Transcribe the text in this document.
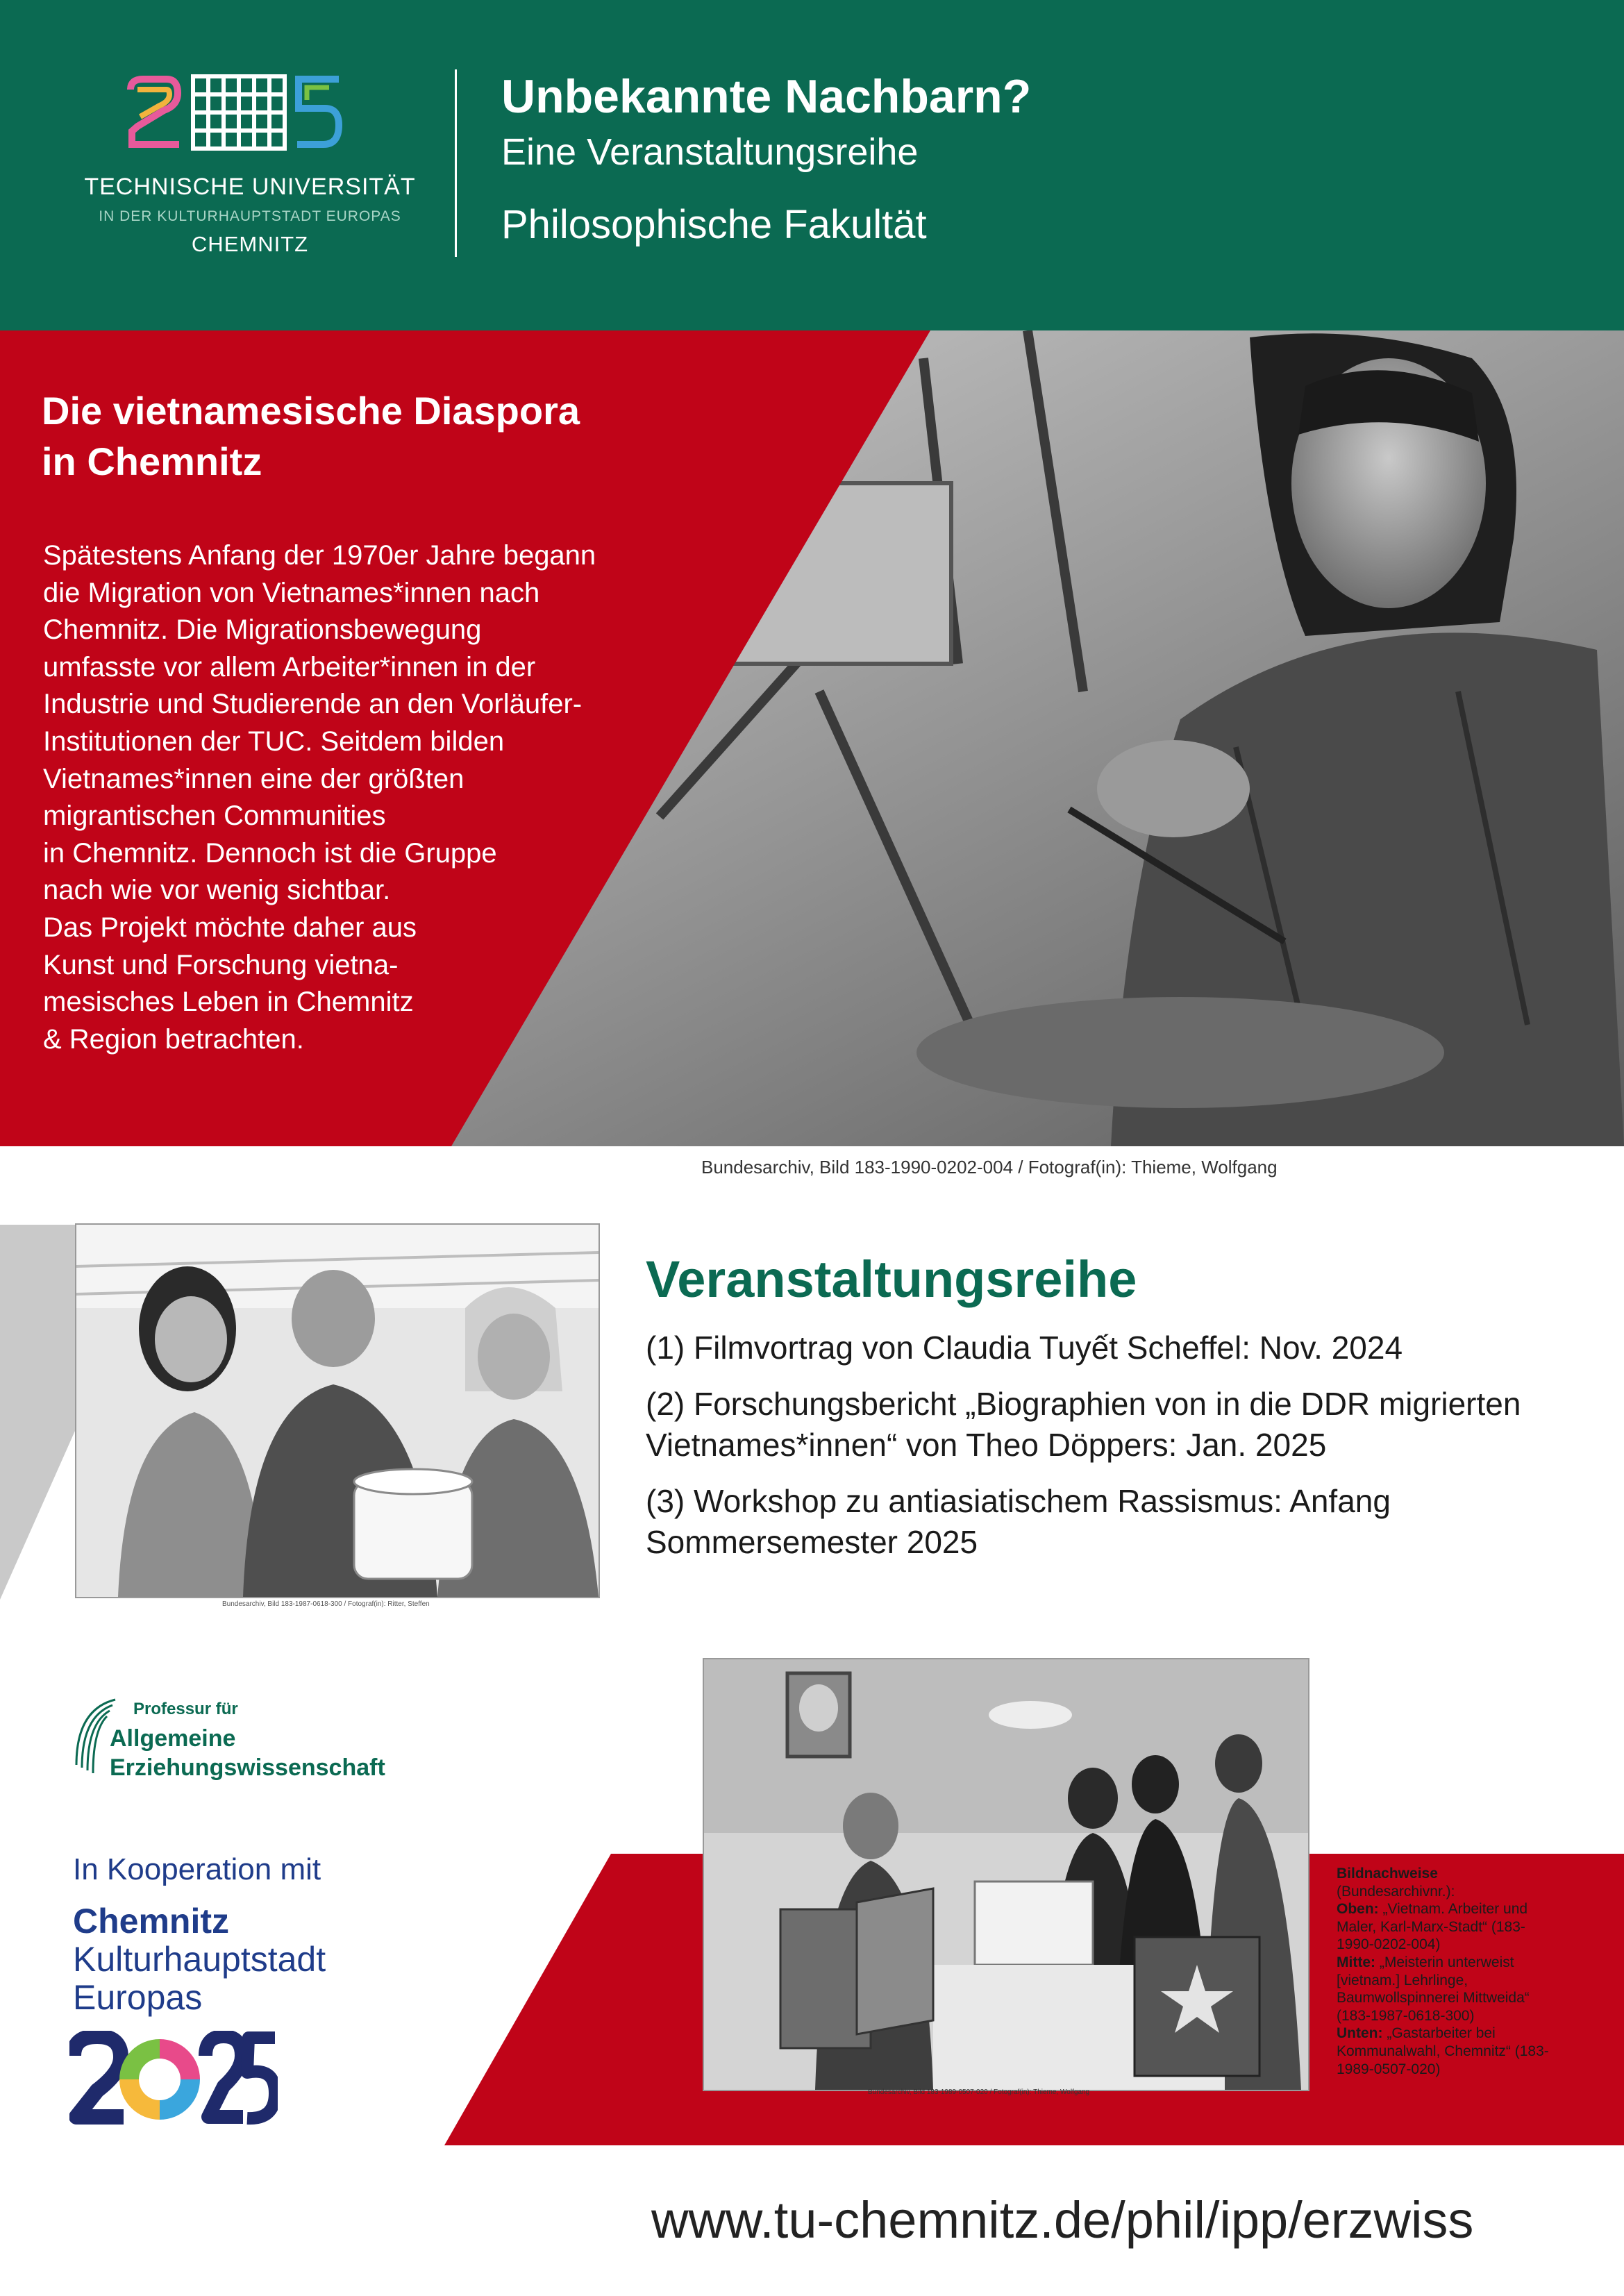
2025
TECHNISCHE UNIVERSITÄT
IN DER KULTURHAUPTSTADT EUROPAS
CHEMNITZ
Unbekannte Nachbarn?
Eine Veranstaltungsreihe
Philosophische Fakultät
Die vietnamesische Diaspora
in Chemnitz
Spätestens Anfang der 1970er Jahre begann
die Migration von Vietnames*innen nach
Chemnitz. Die Migrationsbewegung
umfasste vor allem Arbeiter*innen in der
Industrie und Studierende an den Vorläufer-
Institutionen der TUC. Seitdem bilden
Vietnames*innen eine der größten
migrantischen Communities
in Chemnitz. Dennoch ist die Gruppe
nach wie vor wenig sichtbar.
Das Projekt möchte daher aus
Kunst und Forschung vietna-
mesisches Leben in Chemnitz
& Region betrachten.
Bundesarchiv, Bild 183-1990-0202-004 / Fotograf(in): Thieme, Wolfgang
Bundesarchiv, Bild 183-1987-0618-300 / Fotograf(in): Ritter, Steffen
Veranstaltungsreihe
(1) Filmvortrag von Claudia Tuyết Scheffel: Nov. 2024
(2) Forschungsbericht „Biographien von in die DDR migrierten Vietnames*innen“ von Theo Döppers: Jan. 2025
(3) Workshop zu antiasiatischem Rassismus: Anfang Sommersemester 2025
Professur für
Allgemeine
Erziehungswissenschaft
In Kooperation mit
Chemnitz
Kulturhauptstadt
Europas
2025
Bundesarchiv, Bild 183-1989-0507-020 / Fotograf(in): Thieme, Wolfgang
Bildnachweise
(Bundesarchivnr.):
Oben: „Vietnam. Arbeiter und Maler, Karl-Marx-Stadt“ (183-1990-0202-004)
Mitte: „Meisterin unterweist [vietnam.] Lehrlinge, Baumwollspinnerei Mittweida“ (183-1987-0618-300)
Unten: „Gastarbeiter bei Kommunalwahl, Chemnitz“ (183-1989-0507-020)
www.tu-chemnitz.de/phil/ipp/erzwiss
